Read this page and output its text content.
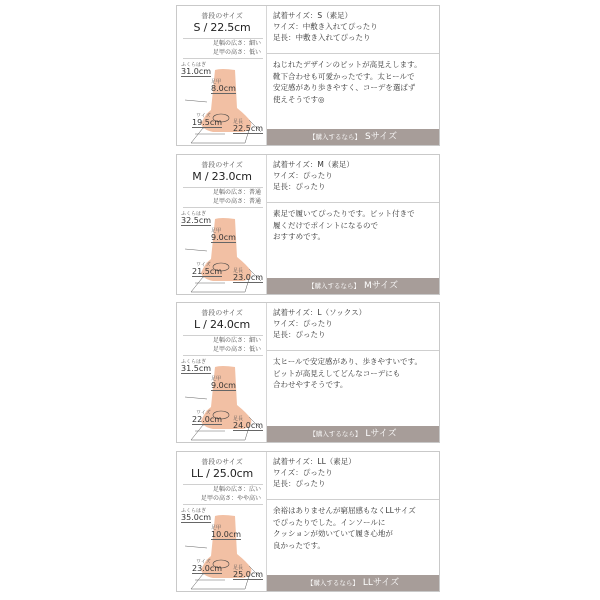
普段のサイズ
S / 22.5cm
足幅の広さ：細い
足甲の高さ：低い
ふくらはぎ
31.0cm
足甲
8.0cm
ワイズ
19.5cm 足長
22.5cm
試着サイズ：S（素足）
ワイズ：中敷き入れてぴったり
足長：中敷き入れてぴったり
ねじれたデザインのピットが高見えします。
靴下合わせも可愛かったです。太ヒールで
安定感があり歩きやすく、コーデを選ばず
使えそうです◎
【購入するなら】 Sサイズ
普段のサイズ
M / 23.0cm
足幅の広さ：普通
足甲の高さ：普通
ふくらはぎ
32.5cm
足甲
9.0cm
ワイズ
21.5cm 足長
23.0cm
試着サイズ：M（素足）
ワイズ：ぴったり
足長：ぴったり
素足で履いてぴったりです。ビット付きで
履くだけでポイントになるので
おすすめです。
【購入するなら】 Mサイズ
普段のサイズ
L / 24.0cm
足幅の広さ：細い
足甲の高さ：低い
ふくらはぎ
31.5cm
足甲
9.0cm
ワイズ
22.0cm 足長
24.0cm
試着サイズ：L（ソックス）
ワイズ：ぴったり
足長：ぴったり
太ヒールで安定感があり、歩きやすいです。
ビットが高見えしてどんなコーデにも
合わせやすそうです。
【購入するなら】 Lサイズ
普段のサイズ
LL / 25.0cm
足幅の広さ：広い
足甲の高さ：やや高い
ふくらはぎ
35.0cm
足甲
10.0cm
ワイズ
23.0cm 足長
25.0cm
試着サイズ：LL（素足）
ワイズ：ぴったり
足長：ぴったり
余裕はありませんが窮屈感もなくLLサイズ
でぴったりでした。インソールに
クッションが効いていて履き心地が
良かったです。
【購入するなら】 LLサイズ
